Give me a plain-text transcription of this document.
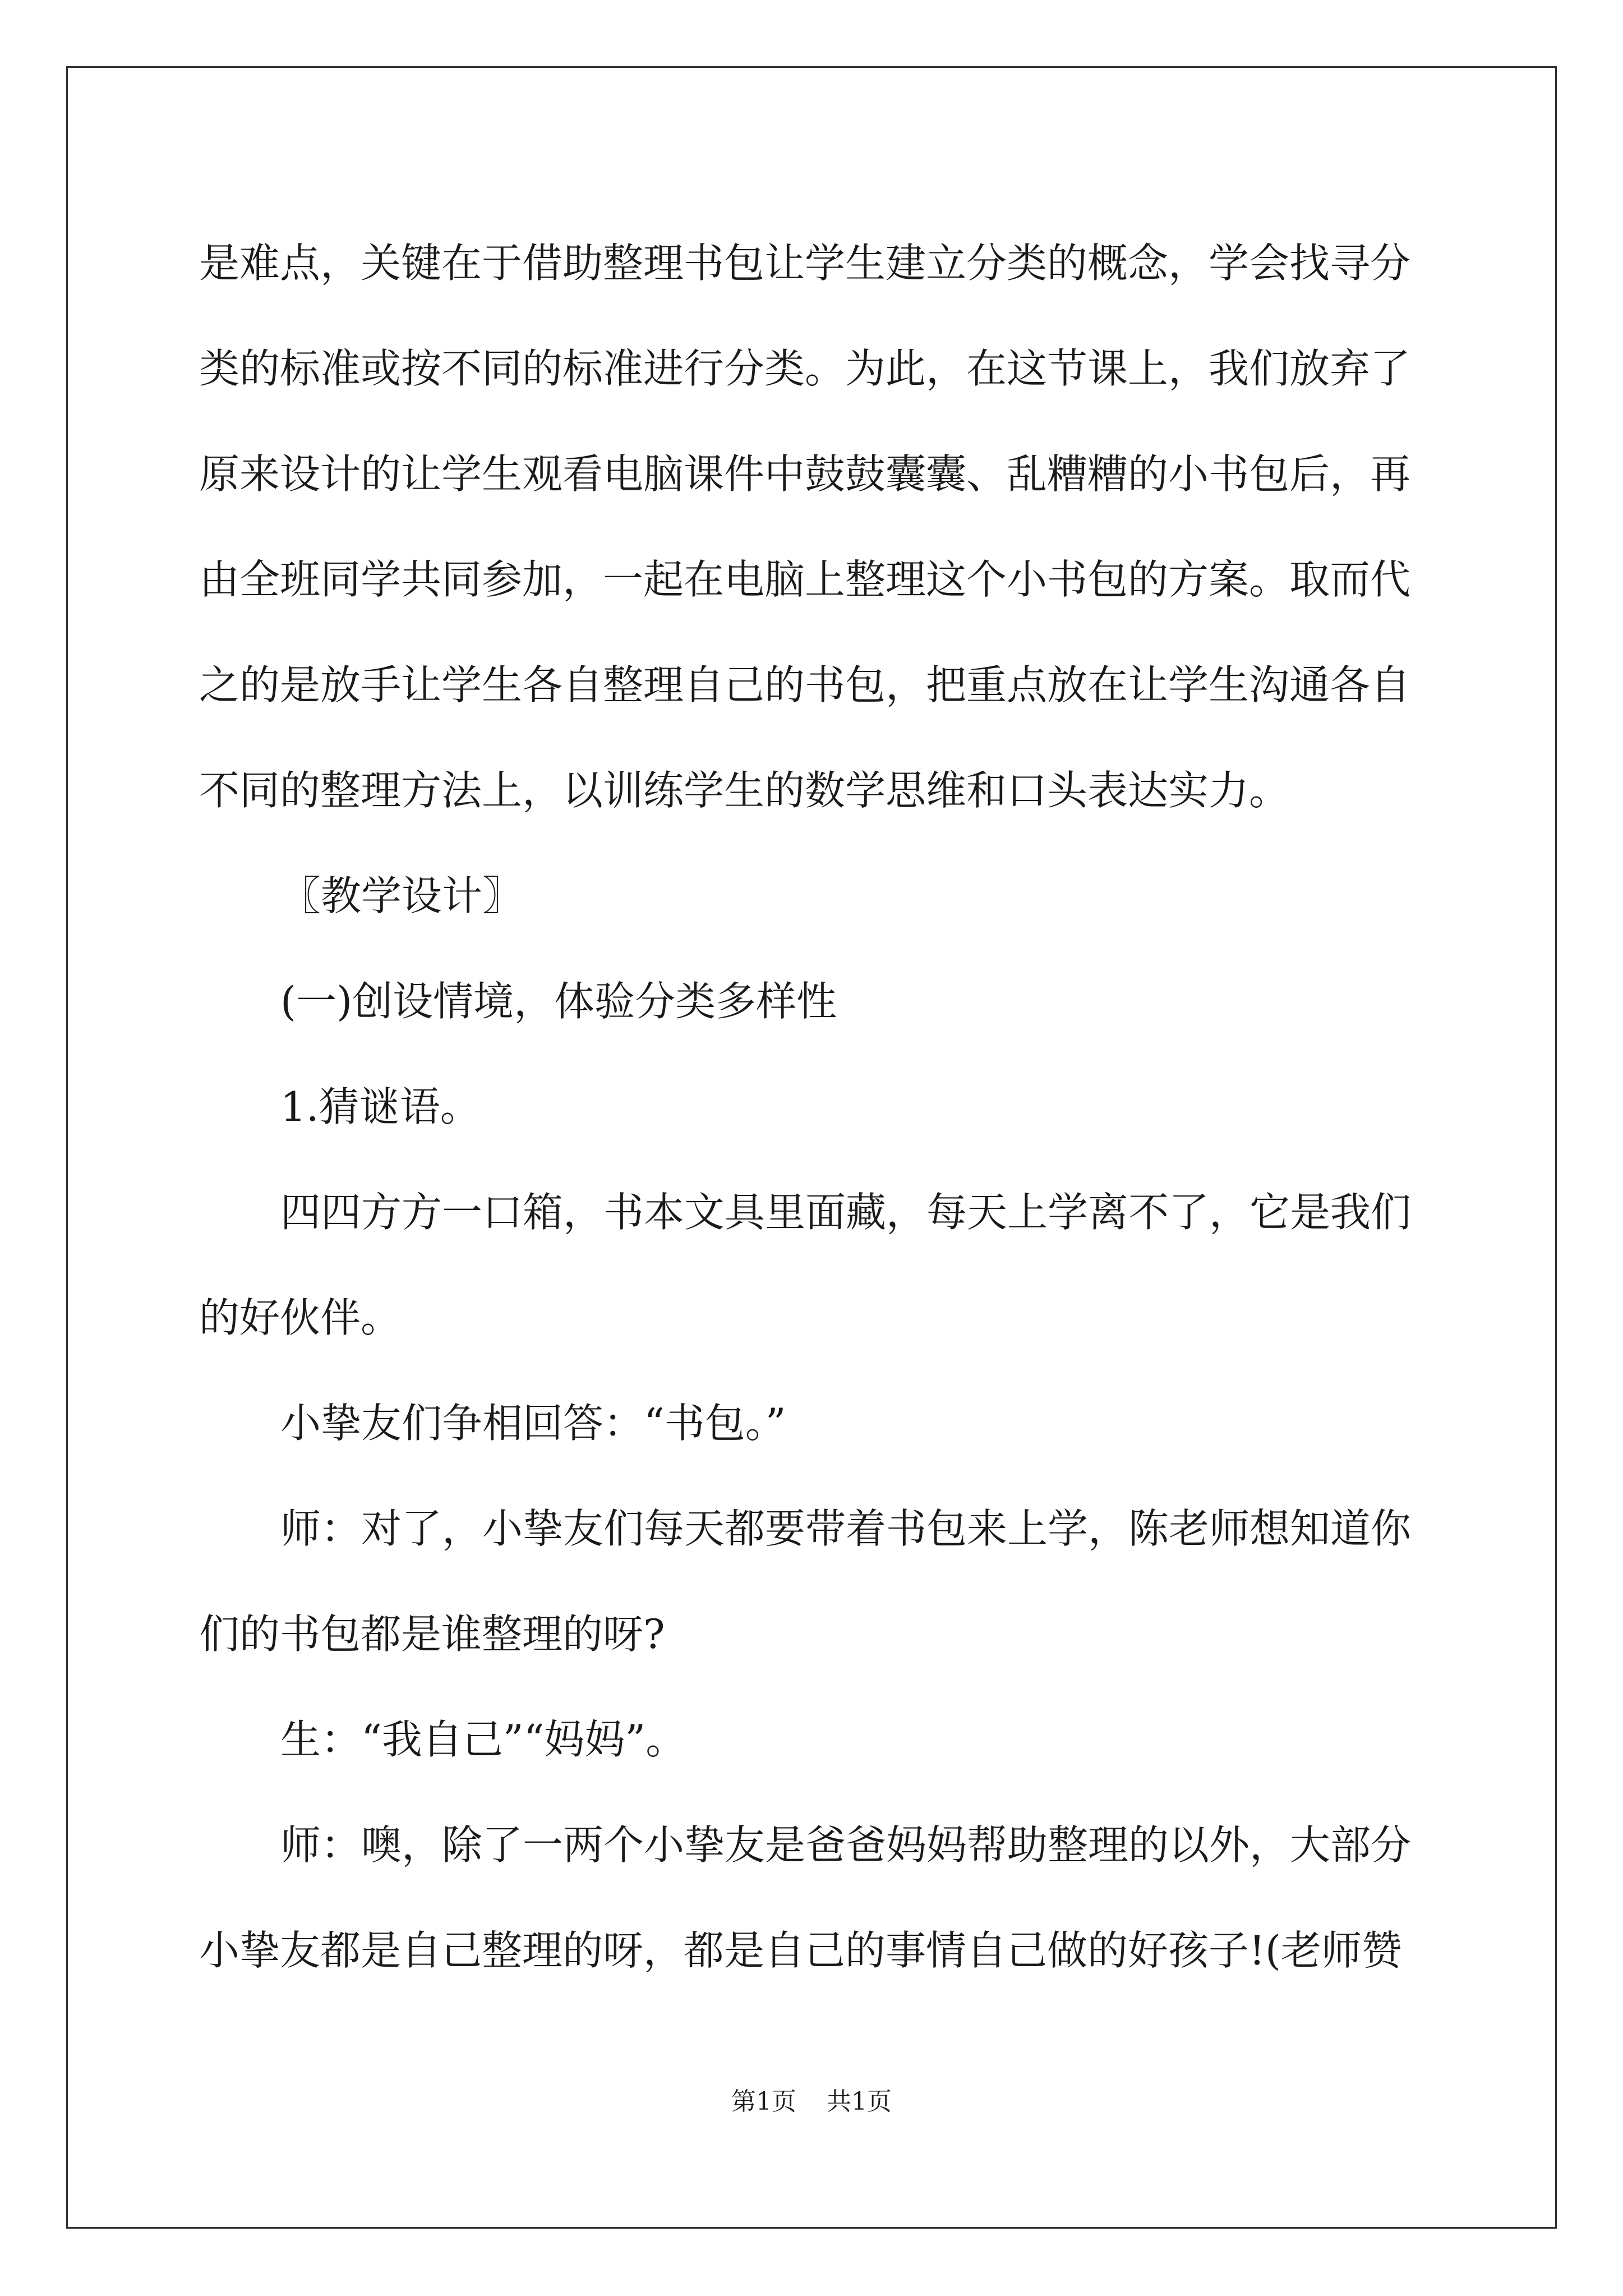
是难点，关键在于借助整理书包让学生建立分类的概念，学会找寻分

类的标准或按不同的标准进行分类。为此，在这节课上，我们放弃了

原来设计的让学生观看电脑课件中鼓鼓囊囊、乱糟糟的小书包后，再

由全班同学共同参加，一起在电脑上整理这个小书包的方案。取而代

之的是放手让学生各自整理自己的书包，把重点放在让学生沟通各自

不同的整理方法上，以训练学生的数学思维和口头表达实力。

〖教学设计〗

(一)创设情境，体验分类多样性

1.猜谜语。

四四方方一口箱，书本文具里面藏，每天上学离不了，它是我们

的好伙伴。

小挚友们争相回答：“书包。”

师：对了，小挚友们每天都要带着书包来上学，陈老师想知道你

们的书包都是谁整理的呀?

生：“我自己”“妈妈”。

师：噢，除了一两个小挚友是爸爸妈妈帮助整理的以外，大部分

小挚友都是自己整理的呀，都是自己的事情自己做的好孩子!(老师赞

第1页 共1页
